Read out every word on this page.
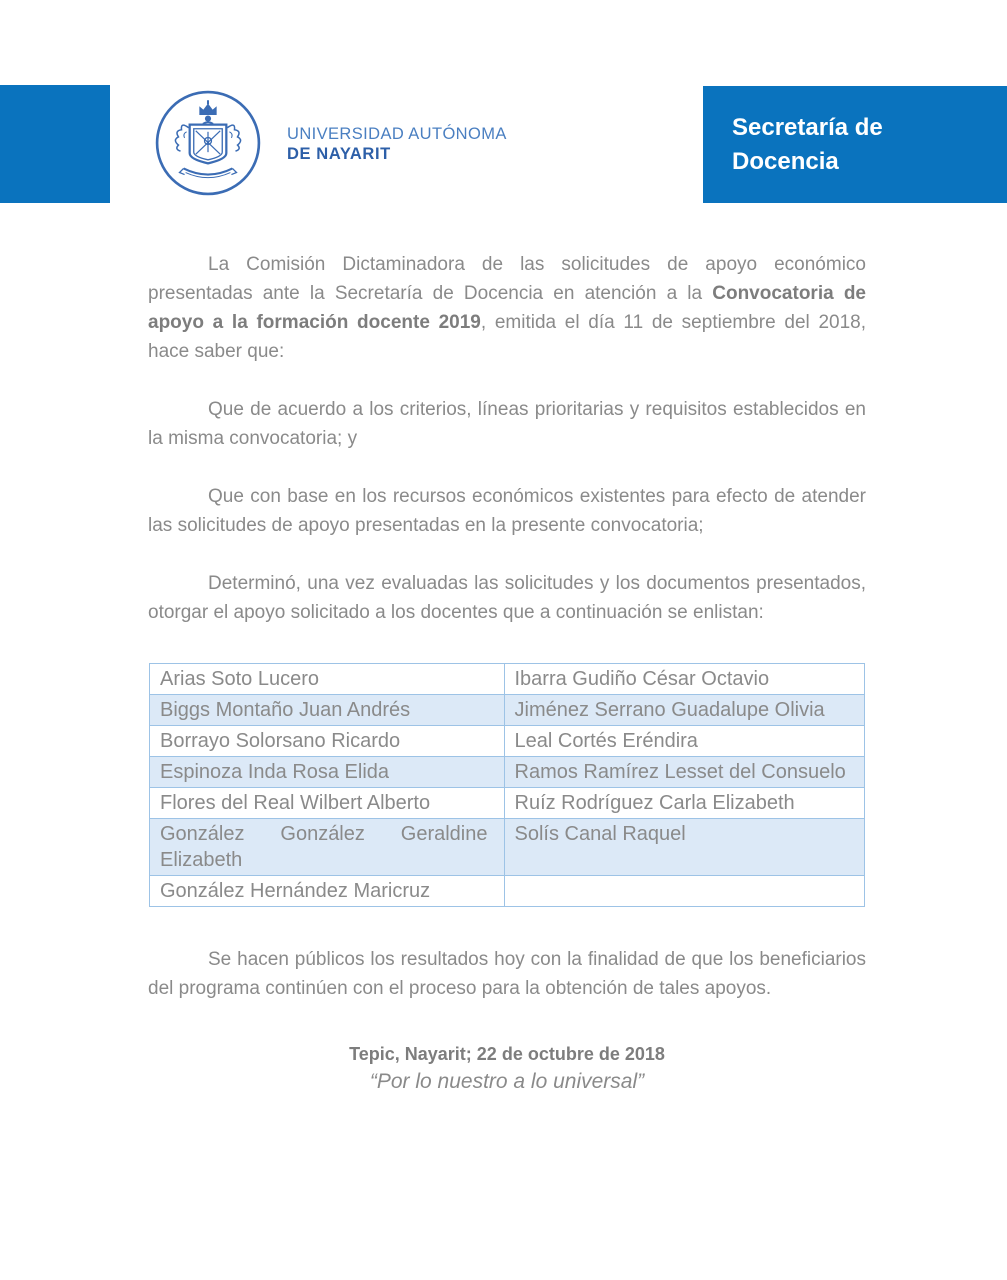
UNIVERSIDAD AUTÓNOMA
DE NAYARIT
Secretaría de
Docencia

La Comisión Dictaminadora de las solicitudes de apoyo económico presentadas ante la Secretaría de Docencia en atención a la Convocatoria de apoyo a la formación docente 2019, emitida el día 11 de septiembre del 2018, hace saber que:

Que de acuerdo a los criterios, líneas prioritarias y requisitos establecidos en la misma convocatoria; y

Que con base en los recursos económicos existentes para efecto de atender las solicitudes de apoyo presentadas en la presente convocatoria;

Determinó, una vez evaluadas las solicitudes y los documentos presentados, otorgar el apoyo solicitado a los docentes que a continuación se enlistan:

Arias Soto Lucero	Ibarra Gudiño César Octavio
Biggs Montaño Juan Andrés	Jiménez Serrano Guadalupe Olivia
Borrayo Solorsano Ricardo	Leal Cortés Eréndira
Espinoza Inda Rosa Elida	Ramos Ramírez Lesset del Consuelo
Flores del Real Wilbert Alberto	Ruíz Rodríguez Carla Elizabeth
González González Geraldine Elizabeth	Solís Canal Raquel
González Hernández Maricruz	

Se hacen públicos los resultados hoy con la finalidad de que los beneficiarios del programa continúen con el proceso para la obtención de tales apoyos.

Tepic, Nayarit; 22 de octubre de 2018
“Por lo nuestro a lo universal”
